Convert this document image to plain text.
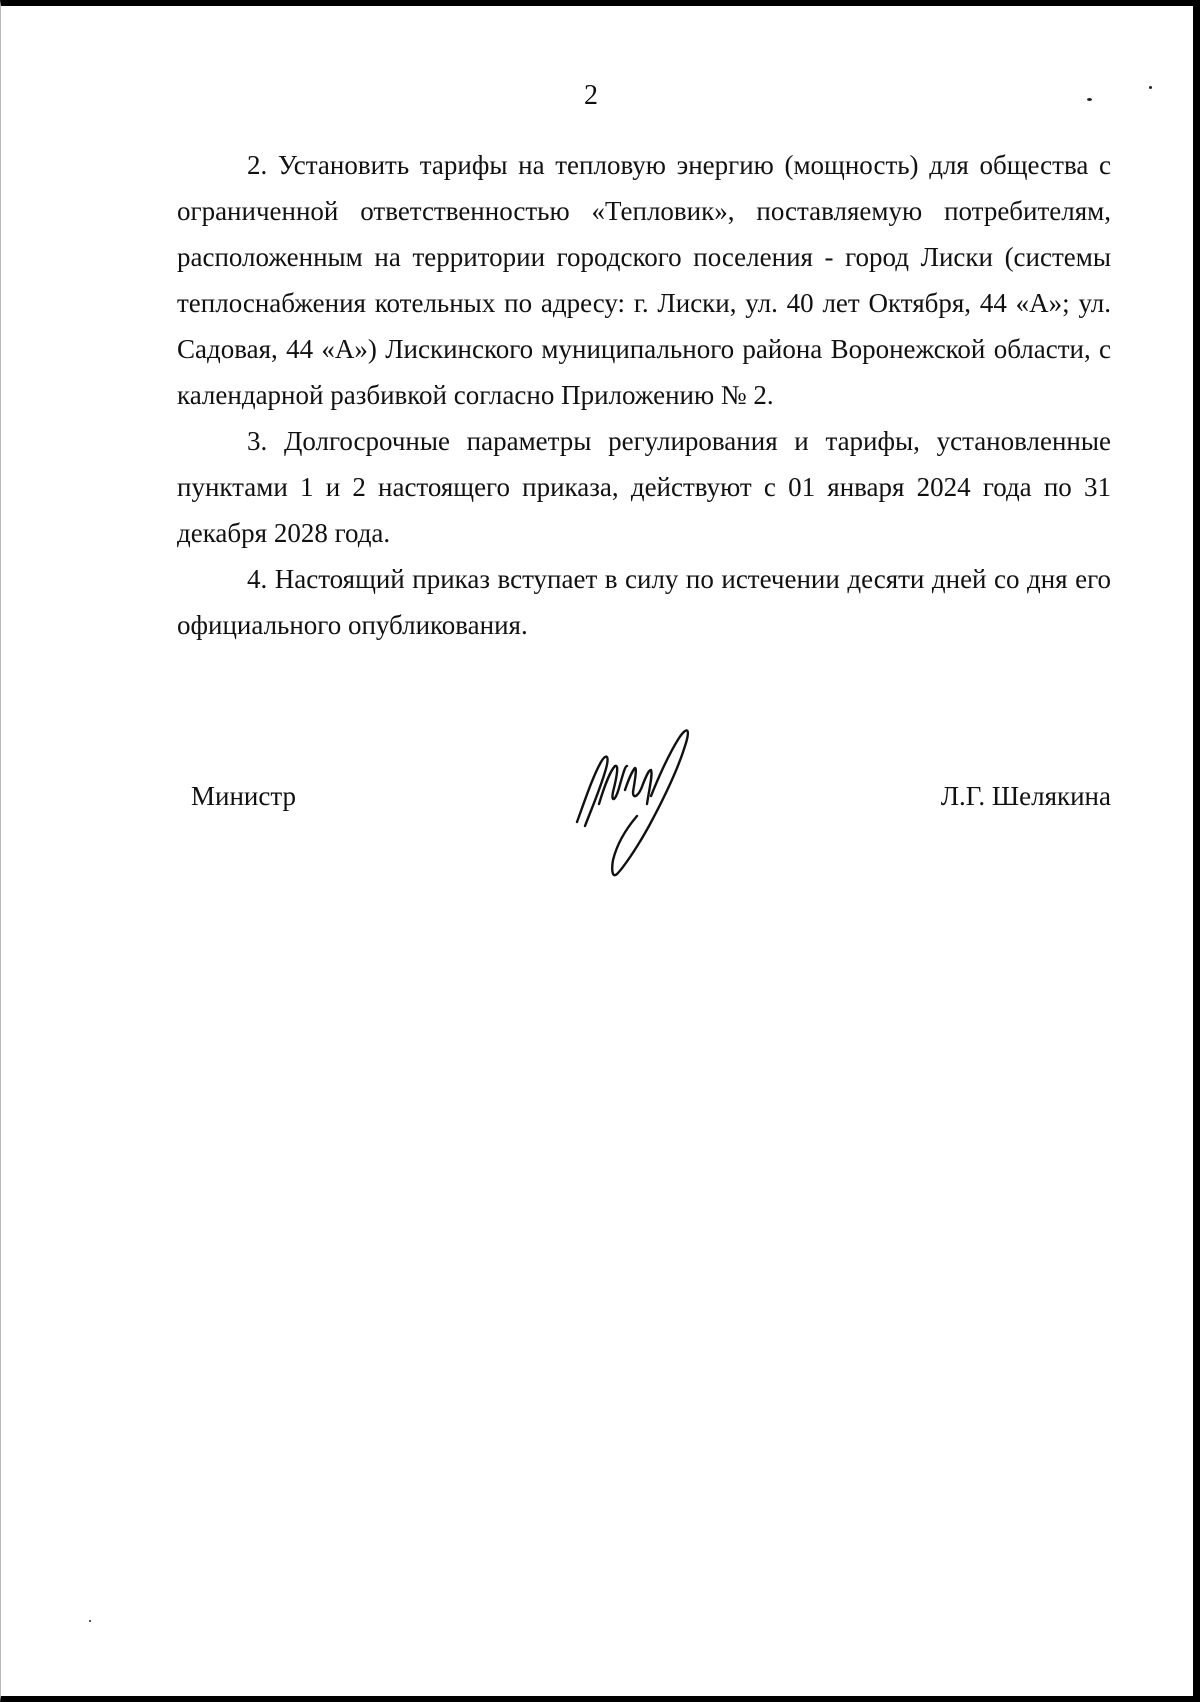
2

2. Установить тарифы на тепловую энергию (мощность) для общества с ограниченной ответственностью «Тепловик», поставляемую потребителям, расположенным на территории городского поселения - город Лиски (системы теплоснабжения котельных по адресу: г. Лиски, ул. 40 лет Октября, 44 «А»; ул. Садовая, 44 «А») Лискинского муниципального района Воронежской области, с календарной разбивкой согласно Приложению № 2.

3. Долгосрочные параметры регулирования и тарифы, установленные пунктами 1 и 2 настоящего приказа, действуют с 01 января 2024 года по 31 декабря 2028 года.

4. Настоящий приказ вступает в силу по истечении десяти дней со дня его официального опубликования.

Министр	Л.Г. Шелякина
